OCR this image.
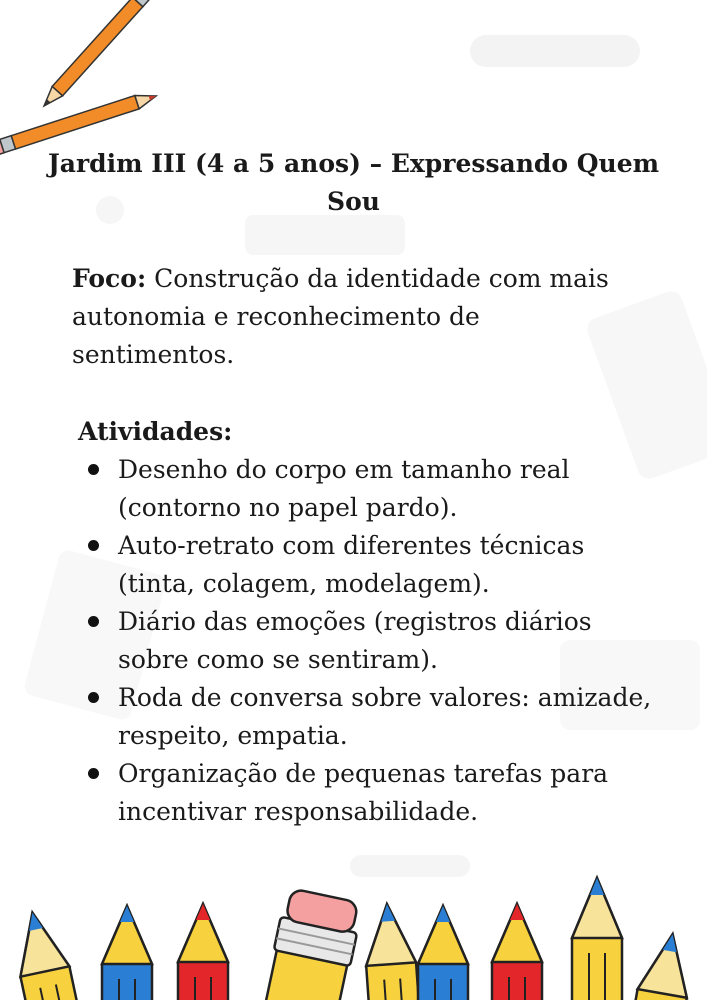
Jardim III (4 a 5 anos) – Expressando Quem Sou

Foco: Construção da identidade com mais autonomia e reconhecimento de sentimentos.

Atividades:

Desenho do corpo em tamanho real (contorno no papel pardo).
Auto-retrato com diferentes técnicas (tinta, colagem, modelagem).
Diário das emoções (registros diários sobre como se sentiram).
Roda de conversa sobre valores: amizade, respeito, empatia.
Organização de pequenas tarefas para incentivar responsabilidade.
